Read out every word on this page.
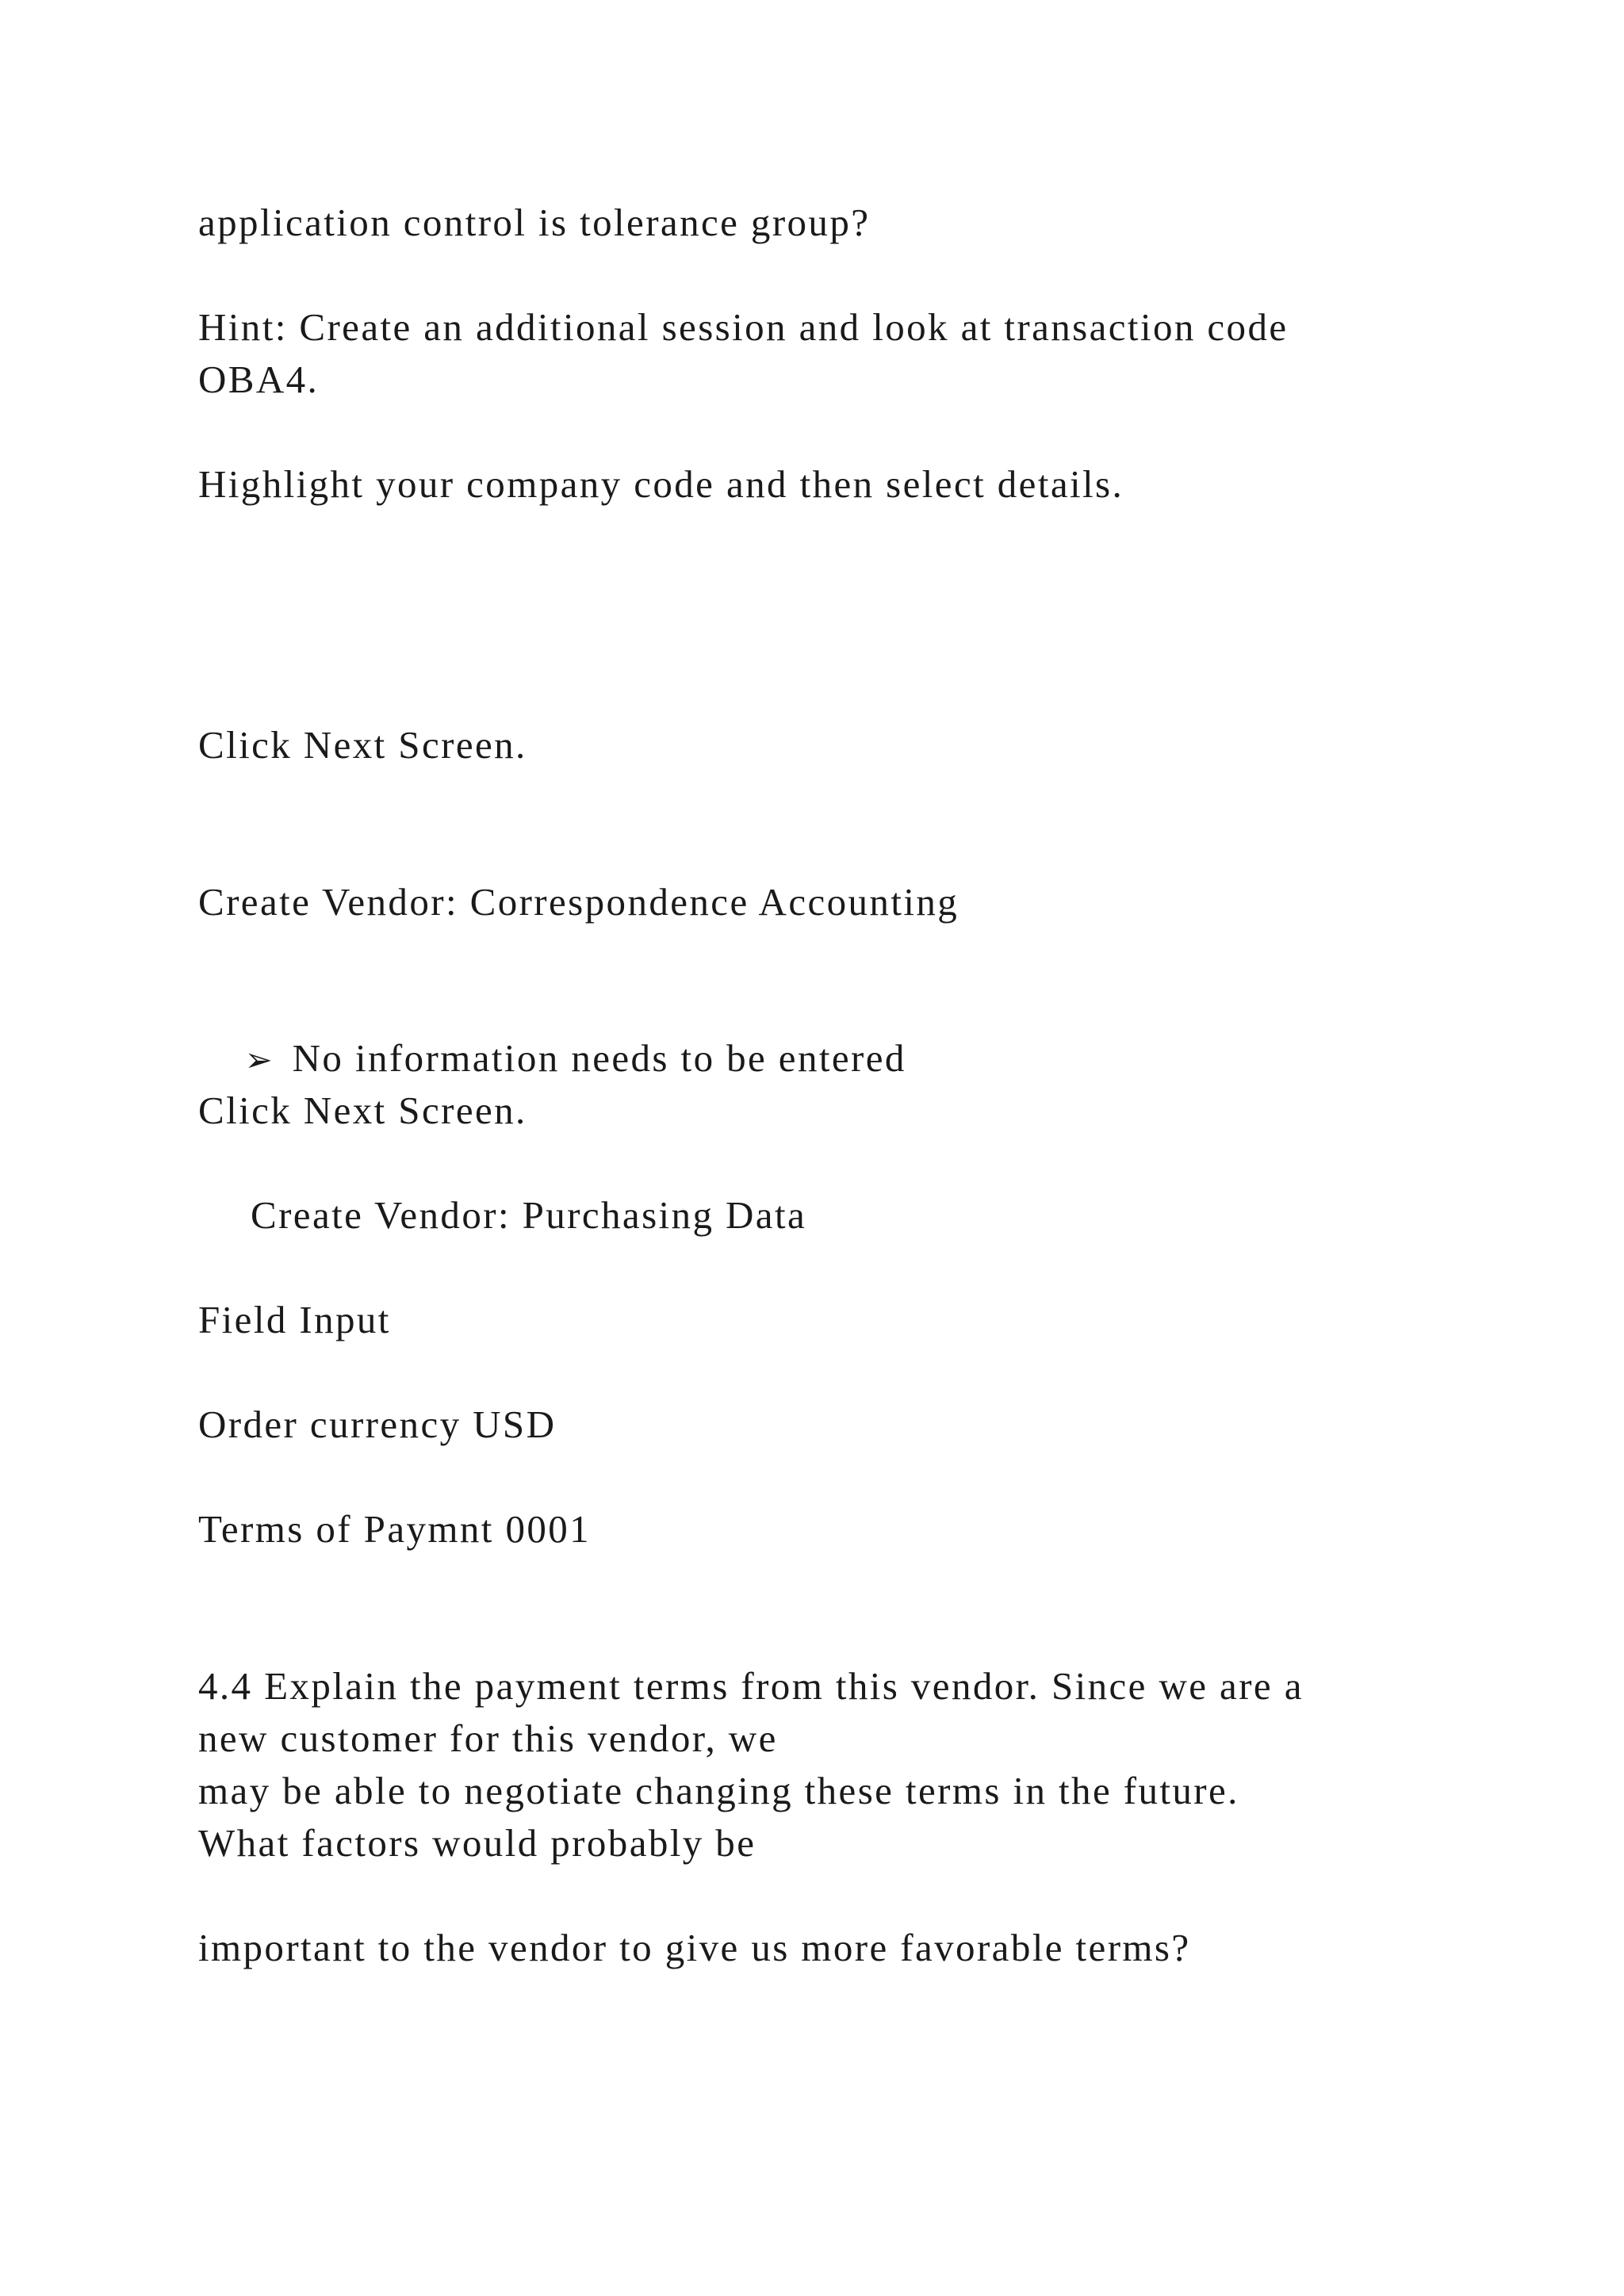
application control is tolerance group?
Hint: Create an additional session and look at transaction code
OBA4.
Highlight your company code and then select details.
Click Next Screen.
Create Vendor: Correspondence Accounting

➢ No information needs to be entered

Click Next Screen.
Create Vendor: Purchasing Data
Field Input
Order currency USD
Terms of Paymnt 0001
4.4 Explain the payment terms from this vendor. Since we are a
new customer for this vendor, we
may be able to negotiate changing these terms in the future.
What factors would probably be
important to the vendor to give us more favorable terms?
